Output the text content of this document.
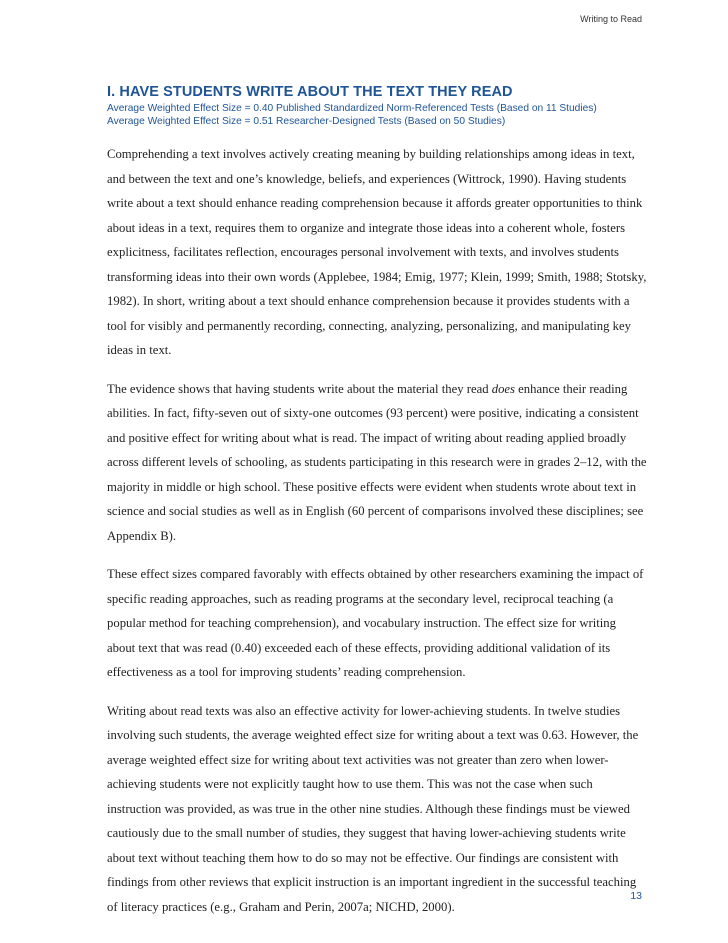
Writing to Read
I. HAVE STUDENTS WRITE ABOUT THE TEXT THEY READ

Average Weighted Effect Size = 0.40 Published Standardized Norm-Referenced Tests (Based on 11 Studies)

Average Weighted Effect Size = 0.51 Researcher-Designed Tests (Based on 50 Studies)

Comprehending a text involves actively creating meaning by building relationships among ideas in text, and between the text and one’s knowledge, beliefs, and experiences (Wittrock, 1990). Having students write about a text should enhance reading comprehension because it affords greater opportunities to think about ideas in a text, requires them to organize and integrate those ideas into a coherent whole, fosters explicitness, facilitates reflection, encourages personal involvement with texts, and involves students transforming ideas into their own words (Applebee, 1984; Emig, 1977; Klein, 1999; Smith, 1988; Stotsky, 1982). In short, writing about a text should enhance comprehension because it provides students with a tool for visibly and permanently recording, connecting, analyzing, personalizing, and manipulating key ideas in text.

The evidence shows that having students write about the material they read does enhance their reading abilities. In fact, fifty-seven out of sixty-one outcomes (93 percent) were positive, indicating a consistent and positive effect for writing about what is read. The impact of writing about reading applied broadly across different levels of schooling, as students participating in this research were in grades 2–12, with the majority in middle or high school. These positive effects were evident when students wrote about text in science and social studies as well as in English (60 percent of comparisons involved these disciplines; see Appendix B).

These effect sizes compared favorably with effects obtained by other researchers examining the impact of specific reading approaches, such as reading programs at the secondary level, reciprocal teaching (a popular method for teaching comprehension), and vocabulary instruction. The effect size for writing about text that was read (0.40) exceeded each of these effects, providing additional validation of its effectiveness as a tool for improving students’ reading comprehension.

Writing about read texts was also an effective activity for lower-achieving students. In twelve studies involving such students, the average weighted effect size for writing about a text was 0.63. However, the average weighted effect size for writing about text activities was not greater than zero when lower-achieving students were not explicitly taught how to use them. This was not the case when such instruction was provided, as was true in the other nine studies. Although these findings must be viewed cautiously due to the small number of studies, they suggest that having lower-achieving students write about text without teaching them how to do so may not be effective. Our findings are consistent with findings from other reviews that explicit instruction is an important ingredient in the successful teaching of literacy practices (e.g., Graham and Perin, 2007a; NICHD, 2000).

13
